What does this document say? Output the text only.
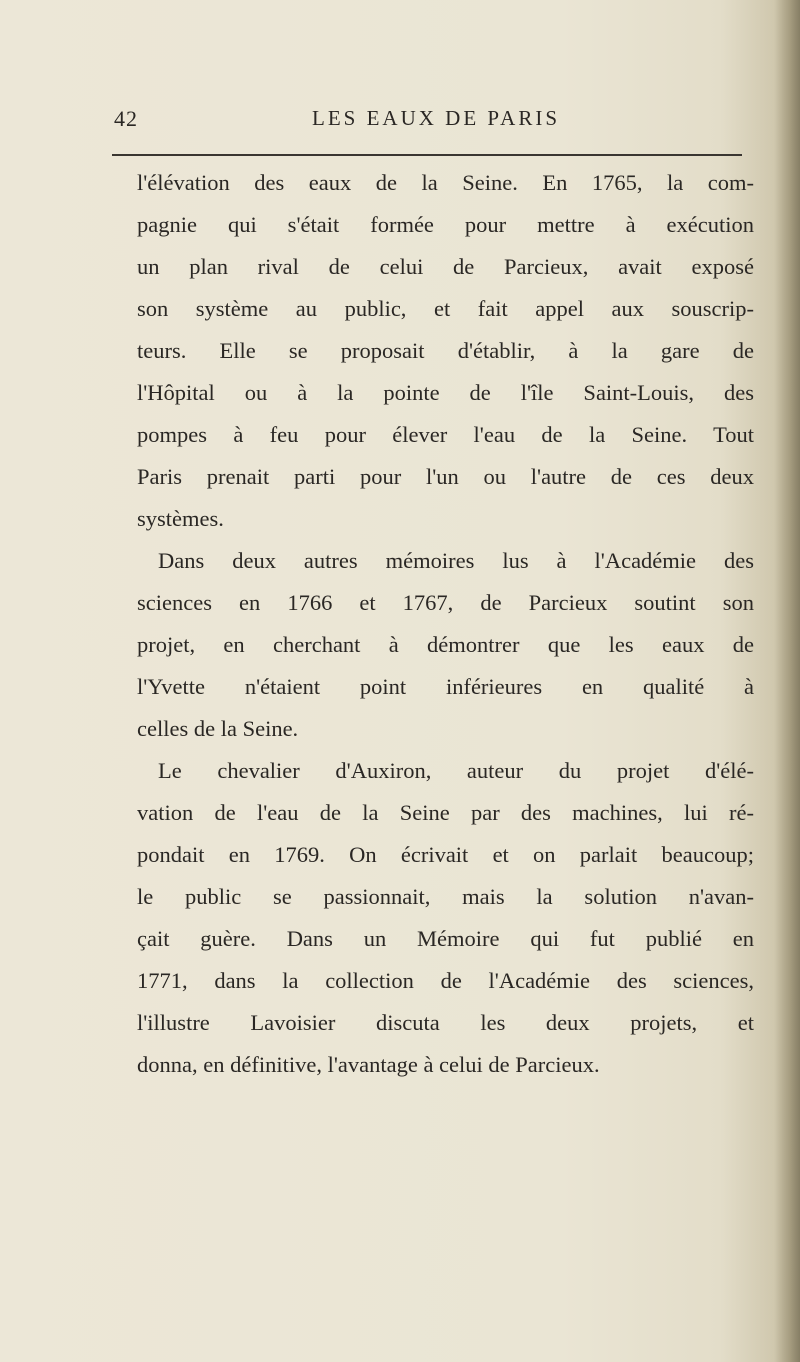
42	LES EAUX DE PARIS
l'élévation des eaux de la Seine. En 1765, la com-
pagnie qui s'était formée pour mettre à exécution
un plan rival de celui de Parcieux, avait exposé
son système au public, et fait appel aux souscrip-
teurs. Elle se proposait d'établir, à la gare de
l'Hôpital ou à la pointe de l'île Saint-Louis, des
pompes à feu pour élever l'eau de la Seine. Tout
Paris prenait parti pour l'un ou l'autre de ces deux
systèmes.
Dans deux autres mémoires lus à l'Académie des
sciences en 1766 et 1767, de Parcieux soutint son
projet, en cherchant à démontrer que les eaux de
l'Yvette n'étaient point inférieures en qualité à
celles de la Seine.
Le chevalier d'Auxiron, auteur du projet d'élé-
vation de l'eau de la Seine par des machines, lui ré-
pondait en 1769. On écrivait et on parlait beaucoup;
le public se passionnait, mais la solution n'avan-
çait guère. Dans un Mémoire qui fut publié en
1771, dans la collection de l'Académie des sciences,
l'illustre Lavoisier discuta les deux projets, et
donna, en définitive, l'avantage à celui de Parcieux.
